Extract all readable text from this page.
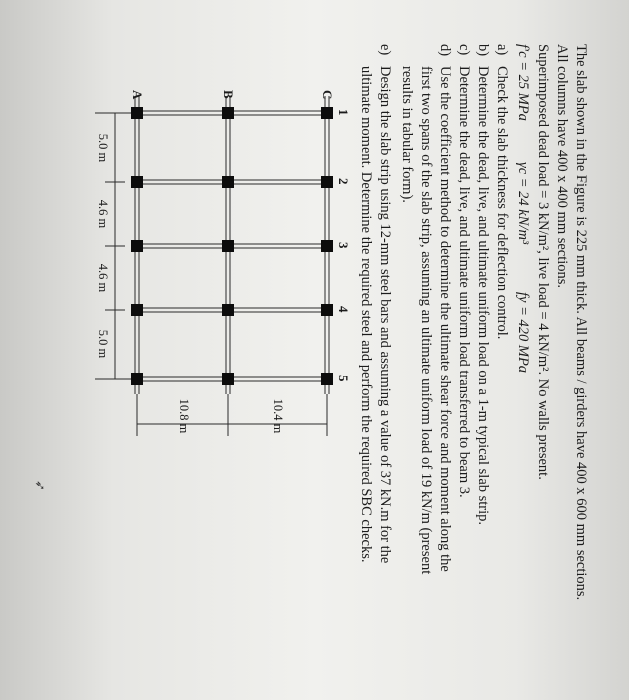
The slab shown in the Figure is 225 mm thick. All beams / girders have 400 x 600 mm sections.
All columns have 400 x 400 mm sections.
Superimposed dead load = 3 kN/m², live load = 4 kN/m². No walls present.
f'c = 25 MPa
γc = 24 kN/m³
fy = 420 MPa
a)Check the slab thickness for deflection control.
b)Determine the dead, live, and ultimate uniform load on a 1-m typical slab strip.
c)Determine the dead, live, and ultimate uniform load transferred to beam 3.
d)Use the coefficient method to determine the ultimate shear force and moment along the
first two spans of the slab strip, assuming an ultimate uniform load of 19 kN/m (present
results in tabular form).
e)Design the slab strip using 12-mm steel bars and assuming a value of 37 kN.m for the
ultimate moment. Determine the required steel and perform the required SBC checks.
1
2
3
4
5
C
B
A
5.0 m
4.6 m
4.6 m
5.0 m
10.4 m
10.8 m
➶
